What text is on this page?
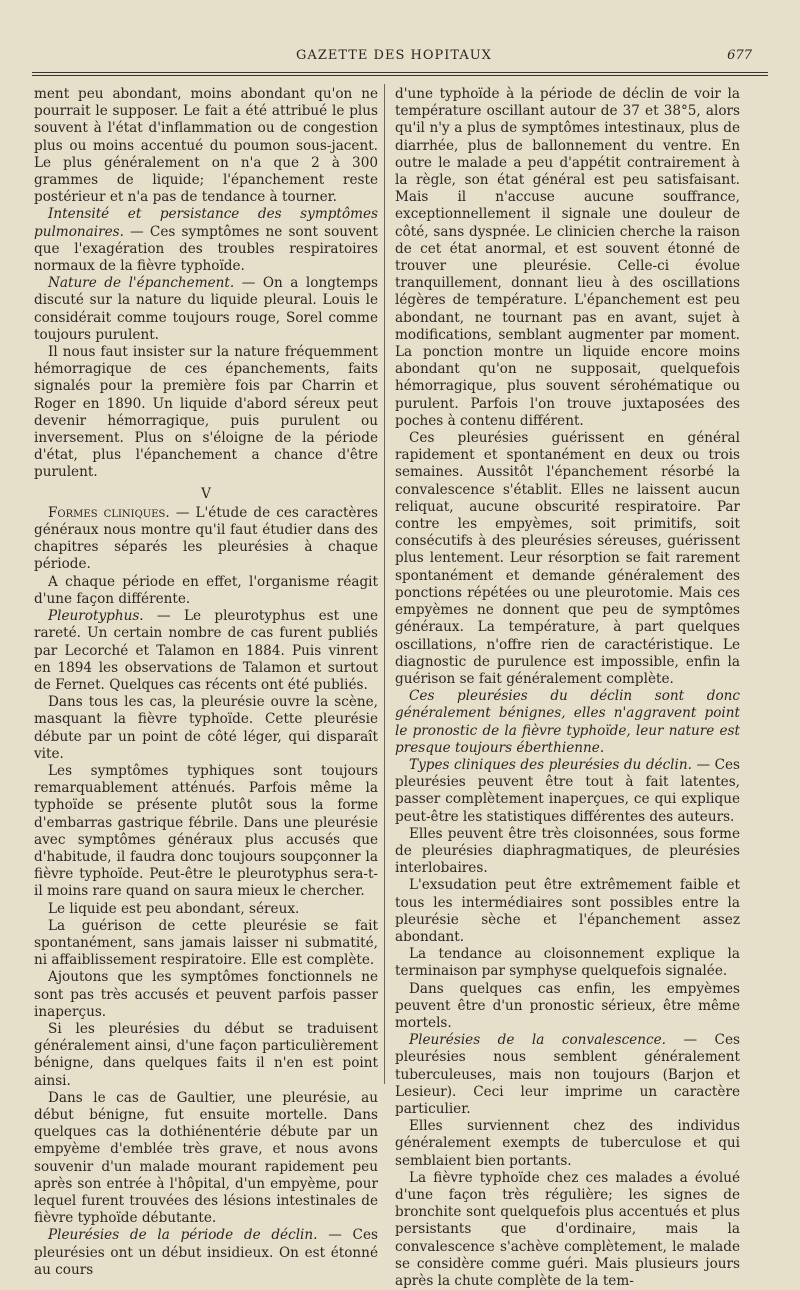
GAZETTE DES HOPITAUX	677

ment peu abondant, moins abondant qu'on ne pourrait le supposer. Le fait a été attribué le plus souvent à l'état d'inflammation ou de congestion plus ou moins accentué du poumon sous-jacent. Le plus généralement on n'a que 2 à 300 grammes de liquide; l'épanchement reste postérieur et n'a pas de tendance à tourner.

Intensité et persistance des symptômes pulmonaires. — Ces symptômes ne sont souvent que l'exagération des troubles respiratoires normaux de la fièvre typhoïde.

Nature de l'épanchement. — On a longtemps discuté sur la nature du liquide pleural. Louis le considérait comme toujours rouge, Sorel comme toujours purulent.

Il nous faut insister sur la nature fréquemment hémorragique de ces épanchements, faits signalés pour la première fois par Charrin et Roger en 1890. Un liquide d'abord séreux peut devenir hémorragique, puis purulent ou inversement. Plus on s'éloigne de la période d'état, plus l'épanchement a chance d'être purulent.

V

Formes cliniques. — L'étude de ces caractères généraux nous montre qu'il faut étudier dans des chapitres séparés les pleurésies à chaque période.

A chaque période en effet, l'organisme réagit d'une façon différente.

Pleurotyphus. — Le pleurotyphus est une rareté. Un certain nombre de cas furent publiés par Lecorché et Talamon en 1884. Puis vinrent en 1894 les observations de Talamon et surtout de Fernet. Quelques cas récents ont été publiés.

Dans tous les cas, la pleurésie ouvre la scène, masquant la fièvre typhoïde. Cette pleurésie débute par un point de côté léger, qui disparaît vite.

Les symptômes typhiques sont toujours remarquablement atténués. Parfois même la typhoïde se présente plutôt sous la forme d'embarras gastrique fébrile. Dans une pleurésie avec symptômes généraux plus accusés que d'habitude, il faudra donc toujours soupçonner la fièvre typhoïde. Peut-être le pleurotyphus sera-t-il moins rare quand on saura mieux le chercher.

Le liquide est peu abondant, séreux.

La guérison de cette pleurésie se fait spontanément, sans jamais laisser ni submatité, ni affaiblissement respiratoire. Elle est complète.

Ajoutons que les symptômes fonctionnels ne sont pas très accusés et peuvent parfois passer inaperçus.

Si les pleurésies du début se traduisent généralement ainsi, d'une façon particulièrement bénigne, dans quelques faits il n'en est point ainsi.

Dans le cas de Gaultier, une pleurésie, au début bénigne, fut ensuite mortelle. Dans quelques cas la dothiénentérie débute par un empyème d'emblée très grave, et nous avons souvenir d'un malade mourant rapidement peu après son entrée à l'hôpital, d'un empyème, pour lequel furent trouvées des lésions intestinales de fièvre typhoïde débutante.

Pleurésies de la période de déclin. — Ces pleurésies ont un début insidieux. On est étonné au cours

d'une typhoïde à la période de déclin de voir la température oscillant autour de 37 et 38°5, alors qu'il n'y a plus de symptômes intestinaux, plus de diarrhée, plus de ballonnement du ventre. En outre le malade a peu d'appétit contrairement à la règle, son état général est peu satisfaisant. Mais il n'accuse aucune souffrance, exceptionnellement il signale une douleur de côté, sans dyspnée. Le clinicien cherche la raison de cet état anormal, et est souvent étonné de trouver une pleurésie. Celle-ci évolue tranquillement, donnant lieu à des oscillations légères de température. L'épanchement est peu abondant, ne tournant pas en avant, sujet à modifications, semblant augmenter par moment. La ponction montre un liquide encore moins abondant qu'on ne supposait, quelquefois hémorragique, plus souvent sérohématique ou purulent. Parfois l'on trouve juxtaposées des poches à contenu différent.

Ces pleurésies guérissent en général rapidement et spontanément en deux ou trois semaines. Aussitôt l'épanchement résorbé la convalescence s'établit. Elles ne laissent aucun reliquat, aucune obscurité respiratoire. Par contre les empyèmes, soit primitifs, soit consécutifs à des pleurésies séreuses, guérissent plus lentement. Leur résorption se fait rarement spontanément et demande généralement des ponctions répétées ou une pleurotomie. Mais ces empyèmes ne donnent que peu de symptômes généraux. La température, à part quelques oscillations, n'offre rien de caractéristique. Le diagnostic de purulence est impossible, enfin la guérison se fait généralement complète.

Ces pleurésies du déclin sont donc généralement bénignes, elles n'aggravent point le pronostic de la fièvre typhoïde, leur nature est presque toujours éberthienne.

Types cliniques des pleurésies du déclin. — Ces pleurésies peuvent être tout à fait latentes, passer complètement inaperçues, ce qui explique peut-être les statistiques différentes des auteurs.

Elles peuvent être très cloisonnées, sous forme de pleurésies diaphragmatiques, de pleurésies interlobaires.

L'exsudation peut être extrêmement faible et tous les intermédiaires sont possibles entre la pleurésie sèche et l'épanchement assez abondant.

La tendance au cloisonnement explique la terminaison par symphyse quelquefois signalée.

Dans quelques cas enfin, les empyèmes peuvent être d'un pronostic sérieux, être même mortels.

Pleurésies de la convalescence. — Ces pleurésies nous semblent généralement tuberculeuses, mais non toujours (Barjon et Lesieur). Ceci leur imprime un caractère particulier.

Elles surviennent chez des individus généralement exempts de tuberculose et qui semblaient bien portants.

La fièvre typhoïde chez ces malades a évolué d'une façon très régulière; les signes de bronchite sont quelquefois plus accentués et plus persistants que d'ordinaire, mais la convalescence s'achève complètement, le malade se considère comme guéri. Mais plusieurs jours après la chute complète de la tem-
